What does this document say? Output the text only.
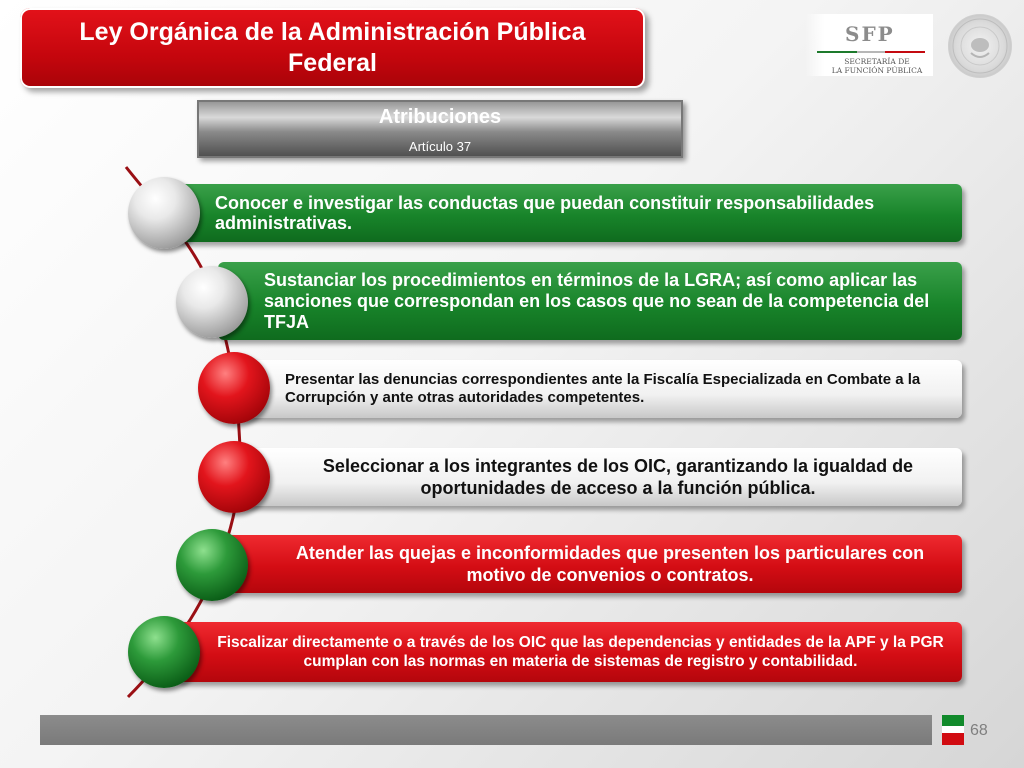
Ley Orgánica de la Administración Pública
Federal
SFP
SECRETARÍA DE
LA FUNCIÓN PÚBLICA
Atribuciones
Artículo 37
Conocer e investigar las conductas que puedan constituir responsabilidades administrativas.
Sustanciar los procedimientos en términos de la LGRA; así como aplicar las sanciones que correspondan en los casos que no sean de la competencia del TFJA
Presentar las denuncias correspondientes ante la Fiscalía Especializada en Combate a la Corrupción y ante otras autoridades competentes.
Seleccionar a los integrantes de los OIC, garantizando la igualdad de oportunidades de acceso a la función pública.
Atender las quejas e inconformidades que presenten los particulares con motivo de convenios o contratos.
Fiscalizar directamente o a través de los OIC que las dependencias y entidades de la APF y la PGR cumplan con las normas en materia de sistemas de registro y contabilidad.
68
